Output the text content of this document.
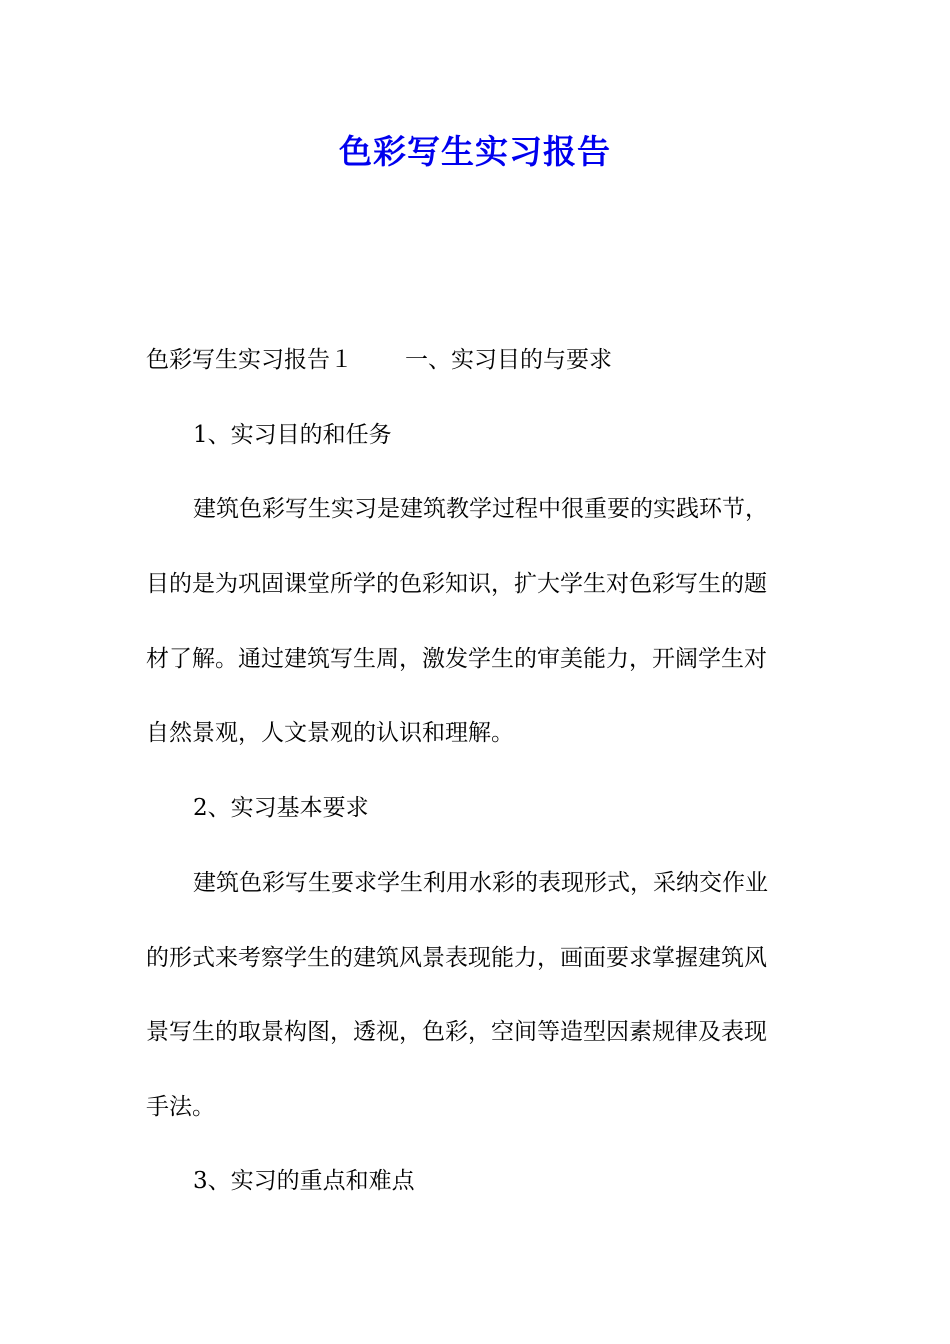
色彩写生实习报告
色彩写生实习报告１ 一、实习目的与要求
1、实习目的和任务
建筑色彩写生实习是建筑教学过程中很重要的实践环节，
目的是为巩固课堂所学的色彩知识，扩大学生对色彩写生的题
材了解。通过建筑写生周，激发学生的审美能力，开阔学生对
自然景观，人文景观的认识和理解。
2、实习基本要求
建筑色彩写生要求学生利用水彩的表现形式，采纳交作业
的形式来考察学生的建筑风景表现能力，画面要求掌握建筑风
景写生的取景构图，透视，色彩，空间等造型因素规律及表现
手法。
3、实习的重点和难点
